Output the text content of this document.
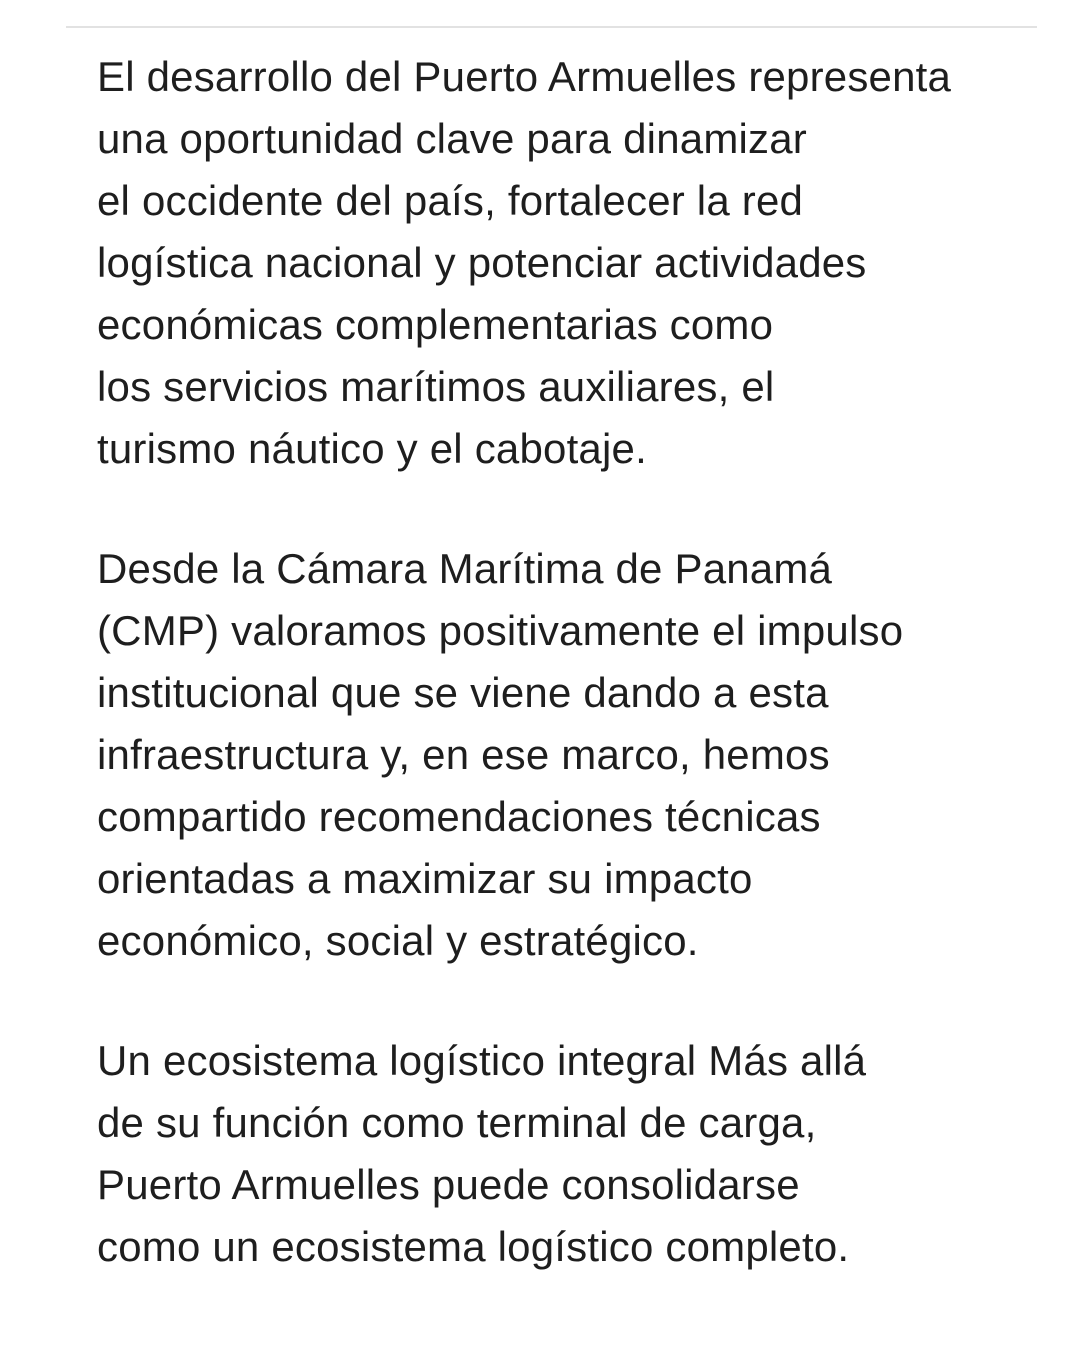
El desarrollo del Puerto Armuelles representa
una oportunidad clave para dinamizar
el occidente del país, fortalecer la red
logística nacional y potenciar actividades
económicas complementarias como
los servicios marítimos auxiliares, el
turismo náutico y el cabotaje.

Desde la Cámara Marítima de Panamá
(CMP) valoramos positivamente el impulso
institucional que se viene dando a esta
infraestructura y, en ese marco, hemos
compartido recomendaciones técnicas
orientadas a maximizar su impacto
económico, social y estratégico.

Un ecosistema logístico integral Más allá
de su función como terminal de carga,
Puerto Armuelles puede consolidarse
como un ecosistema logístico completo.
